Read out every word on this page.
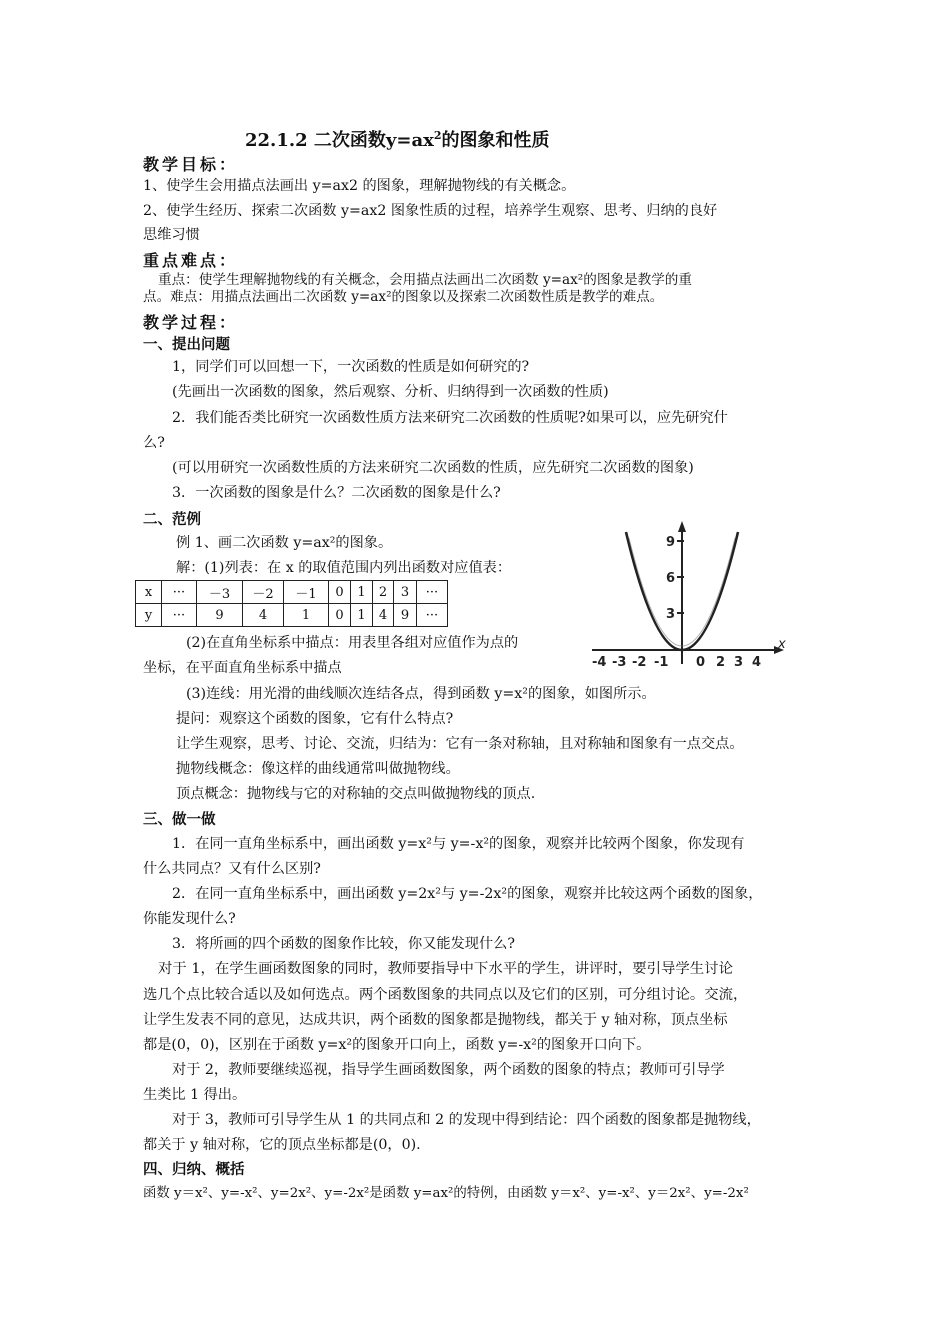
22.1.2 二次函数$y=ax^2$的图象和性质
教学目标：
1、使学生会用描点法画出 y=ax2 的图象，理解抛物线的有关概念。
2、使学生经历、探索二次函数 y=ax2 图象性质的过程，培养学生观察、思考、归纳的良好
思维习惯
重点难点：
重点：使学生理解抛物线的有关概念，会用描点法画出二次函数 y=ax²的图象是教学的重
点。难点：用描点法画出二次函数 y=ax²的图象以及探索二次函数性质是教学的难点。
教学过程：
一、提出问题
1，同学们可以回想一下，一次函数的性质是如何研究的?
(先画出一次函数的图象，然后观察、分析、归纳得到一次函数的性质)
2．我们能否类比研究一次函数性质方法来研究二次函数的性质呢?如果可以，应先研究什
么?
(可以用研究一次函数性质的方法来研究二次函数的性质，应先研究二次函数的图象)
3．一次函数的图象是什么？二次函数的图象是什么?
二、范例
例 1、画二次函数 y=ax²的图象。
解：(1)列表：在 x 的取值范围内列出函数对应值表：
x	···	－3	－2	－1	0	1	2	3	···
y	···	9	4	1	0	1	4	9	···
9
6
3
-4 -3 -2 -1 0 2 3 4
x
(2)在直角坐标系中描点：用表里各组对应值作为点的
坐标，在平面直角坐标系中描点
(3)连线：用光滑的曲线顺次连结各点，得到函数 y=x²的图象，如图所示。
提问：观察这个函数的图象，它有什么特点?
让学生观察，思考、讨论、交流，归结为：它有一条对称轴，且对称轴和图象有一点交点。
抛物线概念：像这样的曲线通常叫做抛物线。
顶点概念：抛物线与它的对称轴的交点叫做抛物线的顶点.
三、做一做
1．在同一直角坐标系中，画出函数 y=x²与 y=-x²的图象，观察并比较两个图象，你发现有
什么共同点？又有什么区别?
2．在同一直角坐标系中，画出函数 y=2x²与 y=-2x²的图象，观察并比较这两个函数的图象，
你能发现什么?
3．将所画的四个函数的图象作比较，你又能发现什么?
对于 1，在学生画函数图象的同时，教师要指导中下水平的学生，讲评时，要引导学生讨论
选几个点比较合适以及如何选点。两个函数图象的共同点以及它们的区别，可分组讨论。交流，
让学生发表不同的意见，达成共识，两个函数的图象都是抛物线，都关于 y 轴对称，顶点坐标
都是(0，0)，区别在于函数 y=x²的图象开口向上，函数 y=-x²的图象开口向下。
对于 2，教师要继续巡视，指导学生画函数图象，两个函数的图象的特点；教师可引导学
生类比 1 得出。
对于 3，教师可引导学生从 1 的共同点和 2 的发现中得到结论：四个函数的图象都是抛物线，
都关于 y 轴对称，它的顶点坐标都是(0，0).
四、归纳、概括
函数 y＝x²、y=-x²、y=2x²、y=-2x²是函数 y=ax²的特例，由函数 y＝x²、y=-x²、y＝2x²、y=-2x²
